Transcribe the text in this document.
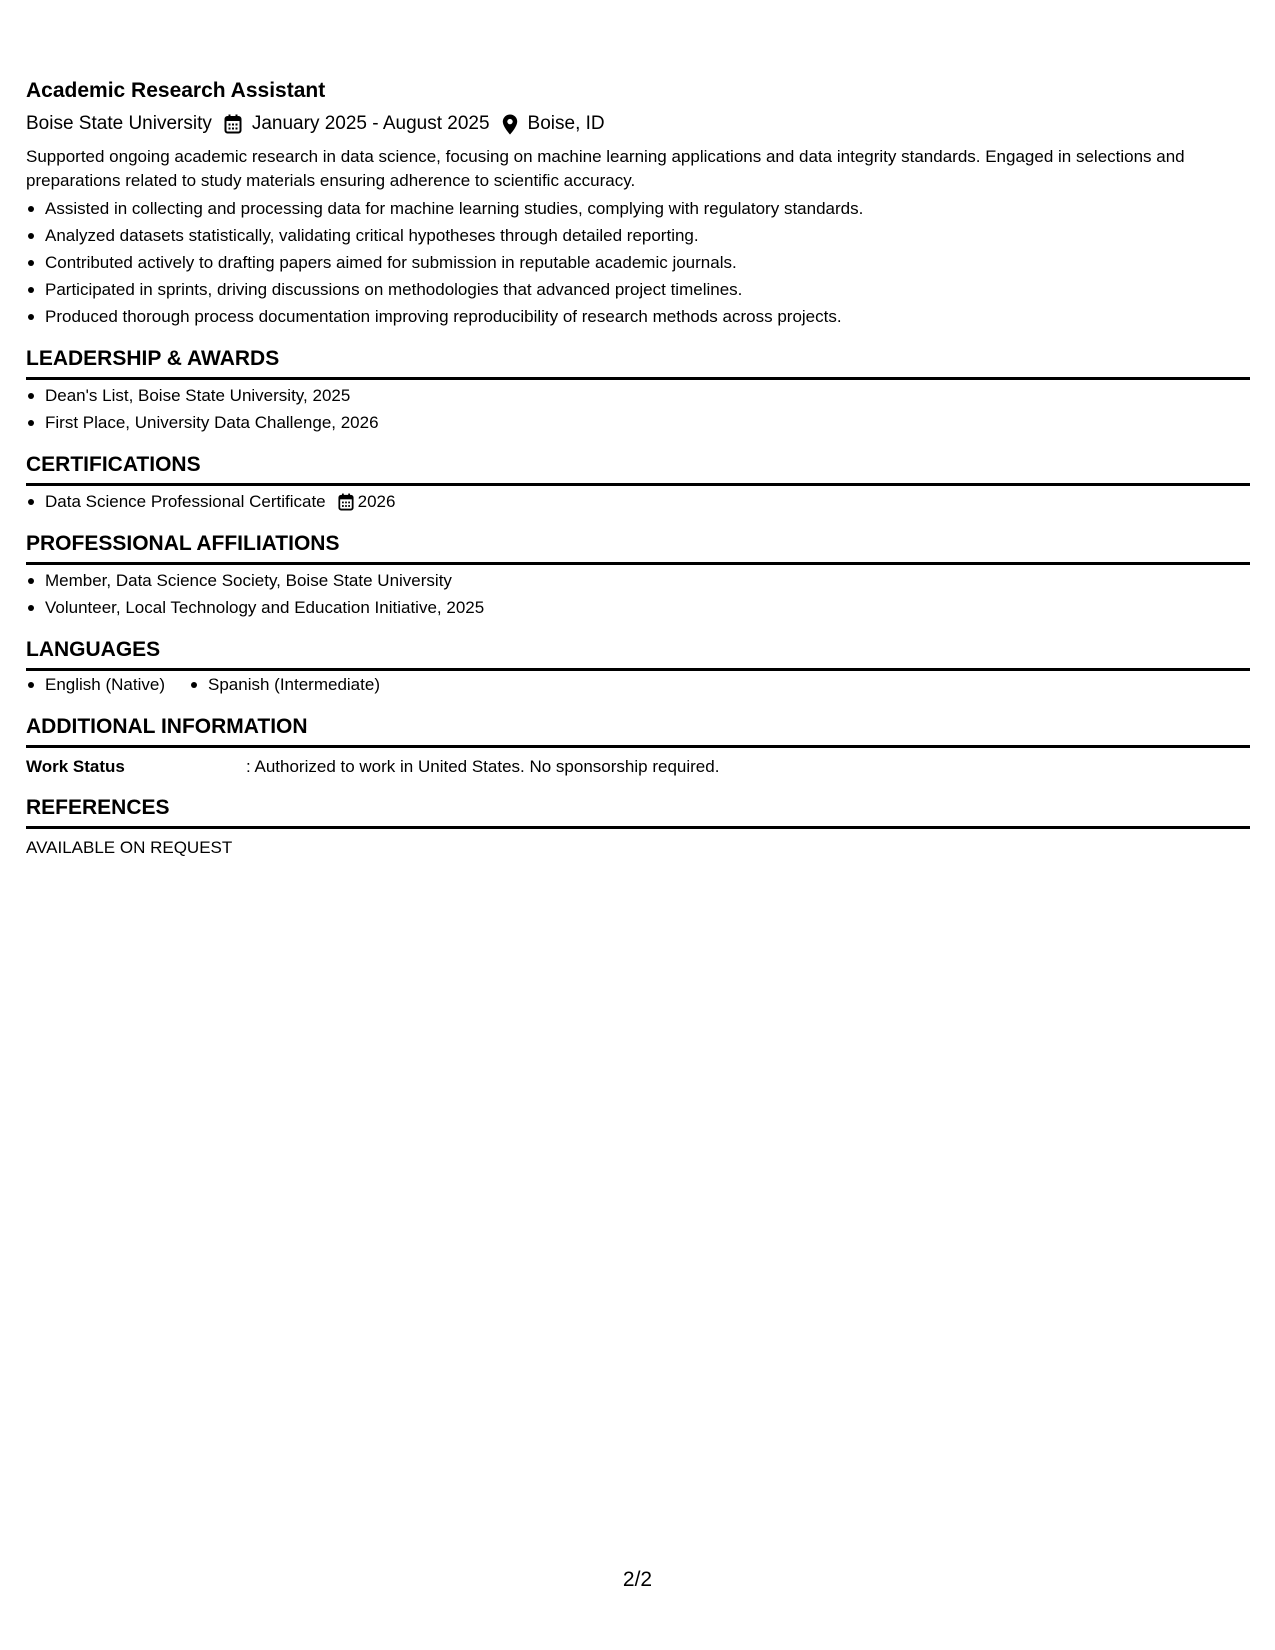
Academic Research Assistant
Boise State University January 2025 - August 2025 Boise, ID

Supported ongoing academic research in data science, focusing on machine learning applications and data integrity standards. Engaged in selections and preparations related to study materials ensuring adherence to scientific accuracy.

Assisted in collecting and processing data for machine learning studies, complying with regulatory standards.
Analyzed datasets statistically, validating critical hypotheses through detailed reporting.
Contributed actively to drafting papers aimed for submission in reputable academic journals.
Participated in sprints, driving discussions on methodologies that advanced project timelines.
Produced thorough process documentation improving reproducibility of research methods across projects.
LEADERSHIP & AWARDS
Dean's List, Boise State University, 2025
First Place, University Data Challenge, 2026
CERTIFICATIONS
Data Science Professional Certificate 2026
PROFESSIONAL AFFILIATIONS
Member, Data Science Society, Boise State University
Volunteer, Local Technology and Education Initiative, 2025
LANGUAGES
English (Native)	Spanish (Intermediate)
ADDITIONAL INFORMATION
Work Status	: Authorized to work in United States. No sponsorship required.
REFERENCES
AVAILABLE ON REQUEST
2/2
